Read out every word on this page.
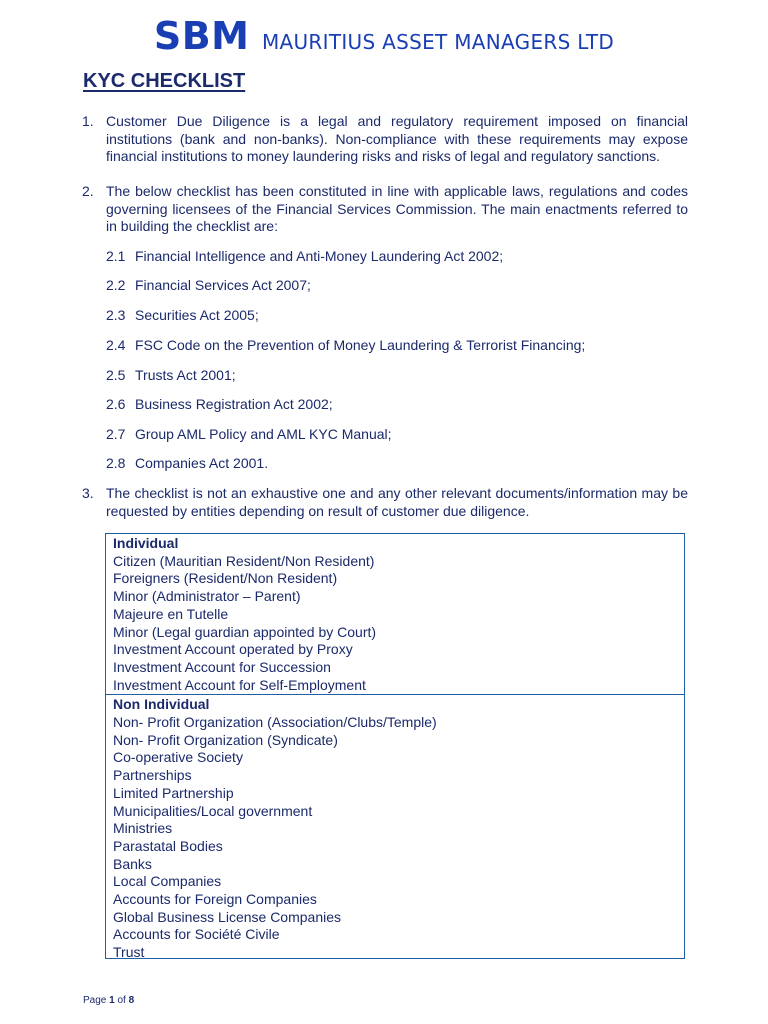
SBM MAURITIUS ASSET MANAGERS LTD
KYC CHECKLIST
1. Customer Due Diligence is a legal and regulatory requirement imposed on financial institutions (bank and non-banks). Non-compliance with these requirements may expose financial institutions to money laundering risks and risks of legal and regulatory sanctions.
2. The below checklist has been constituted in line with applicable laws, regulations and codes governing licensees of the Financial Services Commission. The main enactments referred to in building the checklist are:
2.1 Financial Intelligence and Anti-Money Laundering Act 2002;
2.2 Financial Services Act 2007;
2.3 Securities Act 2005;
2.4 FSC Code on the Prevention of Money Laundering & Terrorist Financing;
2.5 Trusts Act 2001;
2.6 Business Registration Act 2002;
2.7 Group AML Policy and AML KYC Manual;
2.8 Companies Act 2001.
3. The checklist is not an exhaustive one and any other relevant documents/information may be requested by entities depending on result of customer due diligence.
Individual
Citizen (Mauritian Resident/Non Resident)
Foreigners (Resident/Non Resident)
Minor (Administrator – Parent)
Majeure en Tutelle
Minor (Legal guardian appointed by Court)
Investment Account operated by Proxy
Investment Account for Succession
Investment Account for Self-Employment
Non Individual
Non- Profit Organization (Association/Clubs/Temple)
Non- Profit Organization (Syndicate)
Co-operative Society
Partnerships
Limited Partnership
Municipalities/Local government
Ministries
Parastatal Bodies
Banks
Local Companies
Accounts for Foreign Companies
Global Business License Companies
Accounts for Société Civile
Trust
Page 1 of 8
